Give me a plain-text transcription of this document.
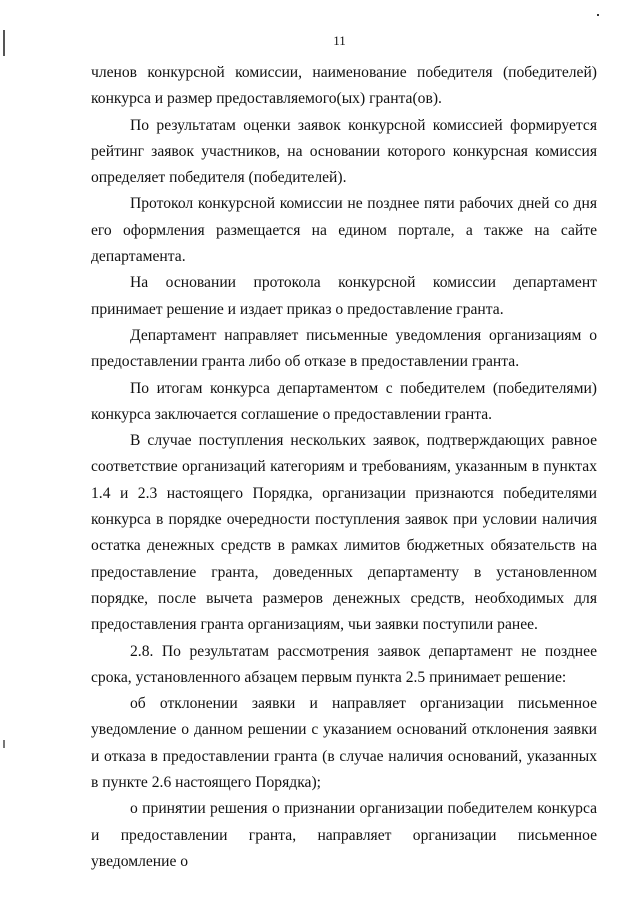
11

членов конкурсной комиссии, наименование победителя (победителей) конкурса и размер предоставляемого(ых) гранта(ов).

По результатам оценки заявок конкурсной комиссией формируется рейтинг заявок участников, на основании которого конкурсная комиссия определяет победителя (победителей).

Протокол конкурсной комиссии не позднее пяти рабочих дней со дня его оформления размещается на едином портале, а также на сайте департамента.

На основании протокола конкурсной комиссии департамент принимает решение и издает приказ о предоставление гранта.

Департамент направляет письменные уведомления организациям о предоставлении гранта либо об отказе в предоставлении гранта.

По итогам конкурса департаментом с победителем (победителями) конкурса заключается соглашение о предоставлении гранта.

В случае поступления нескольких заявок, подтверждающих равное соответствие организаций категориям и требованиям, указанным в пунктах 1.4 и 2.3 настоящего Порядка, организации признаются победителями конкурса в порядке очередности поступления заявок при условии наличия остатка денежных средств в рамках лимитов бюджетных обязательств на предоставление гранта, доведенных департаменту в установленном порядке, после вычета размеров денежных средств, необходимых для предоставления гранта организациям, чьи заявки поступили ранее.

2.8. По результатам рассмотрения заявок департамент не позднее срока, установленного абзацем первым пункта 2.5 принимает решение:

об отклонении заявки и направляет организации письменное уведомление о данном решении с указанием оснований отклонения заявки и отказа в предоставлении гранта (в случае наличия оснований, указанных в пункте 2.6 настоящего Порядка);

о принятии решения о признании организации победителем конкурса и предоставлении гранта, направляет организации письменное уведомление о
